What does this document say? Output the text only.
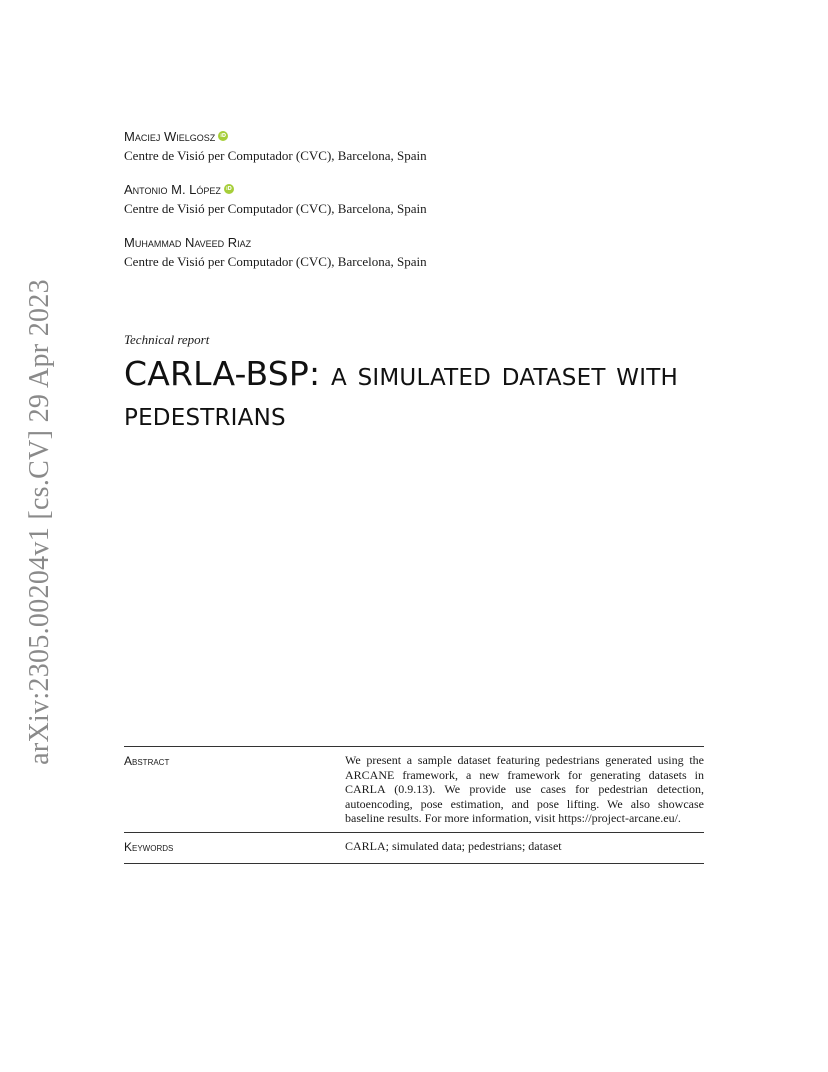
arXiv:2305.00204v1 [cs.CV] 29 Apr 2023
Maciej Wielgosz
iD
Centre de Visió per Computador (CVC), Barcelona, Spain
Antonio M. López
iD
Centre de Visió per Computador (CVC), Barcelona, Spain
Muhammad Naveed Riaz
Centre de Visió per Computador (CVC), Barcelona, Spain
Technical report
CARLA-BSP: a simulated dataset with pedestrians
Abstract	We present a sample dataset featuring pedestrians generated using the ARCANE framework, a new framework for generating datasets in CARLA (0.9.13). We provide use cases for pedestrian detection, autoencoding, pose estimation, and pose lifting. We also showcase baseline results. For more information, visit https://project-arcane.eu/.
Keywords	CARLA; simulated data; pedestrians; dataset
